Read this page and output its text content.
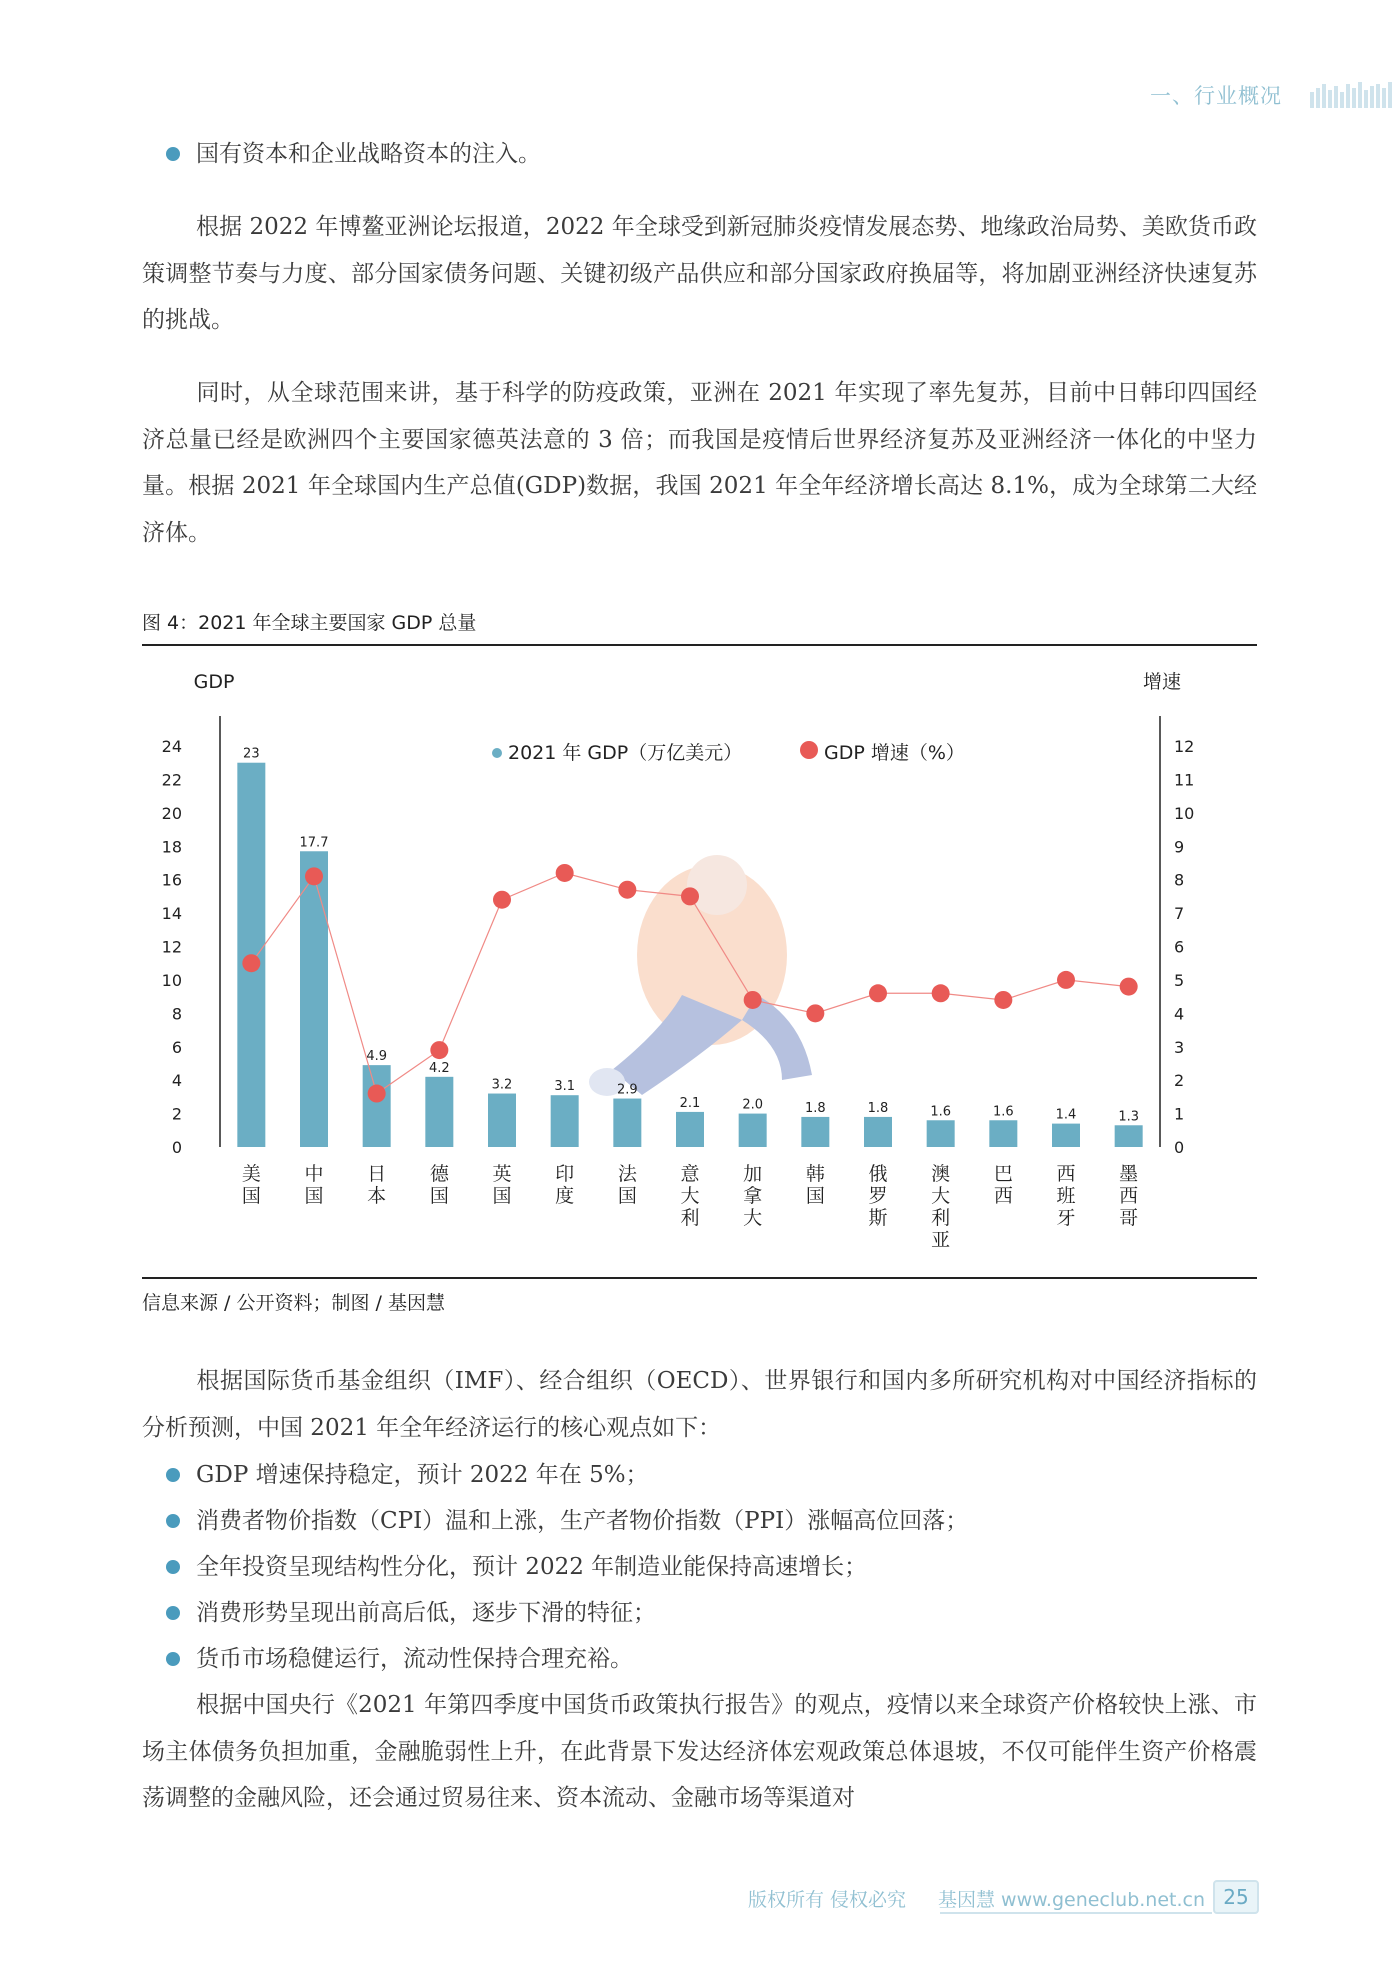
一、行业概况
国有资本和企业战略资本的注入。

根据 2022 年博鳌亚洲论坛报道，2022 年全球受到新冠肺炎疫情发展态势、地缘政治局势、美欧货币政策调整节奏与力度、部分国家债务问题、关键初级产品供应和部分国家政府换届等，将加剧亚洲经济快速复苏的挑战。

同时，从全球范围来讲，基于科学的防疫政策，亚洲在 2021 年实现了率先复苏，目前中日韩印四国经济总量已经是欧洲四个主要国家德英法意的 3 倍；而我国是疫情后世界经济复苏及亚洲经济一体化的中坚力量。根据 2021 年全球国内生产总值(GDP)数据，我国 2021 年全年经济增长高达 8.1%，成为全球第二大经济体。

图 4：2021 年全球主要国家 GDP 总量
GDP	增速
0
2
4
6
8
10
12
14
16
18
20
22
24
0
1
2
3
4
5
6
7
8
9
10
11
12
23
17.7
4.9
4.2
3.2	3.1	2.9
2.1	2.0	1.8	1.8	1.6	1.6	1.4	1.3
美国
中国
日本
德国
英国
印度
法国
意大利
加拿大
韩国
俄罗斯
澳大利亚
巴西
西班牙
墨西哥
2021 年 GDP（万亿美元）	GDP 增速（%）
信息来源 / 公开资料；制图 / 基因慧

根据国际货币基金组织（IMF）、经合组织（OECD）、世界银行和国内多所研究机构对中国经济指标的分析预测，中国 2021 年全年经济运行的核心观点如下：

GDP 增速保持稳定，预计 2022 年在 5%；
消费者物价指数（CPI）温和上涨，生产者物价指数（PPI）涨幅高位回落；
全年投资呈现结构性分化，预计 2022 年制造业能保持高速增长；
消费形势呈现出前高后低，逐步下滑的特征；
货币市场稳健运行，流动性保持合理充裕。

根据中国央行《2021 年第四季度中国货币政策执行报告》的观点，疫情以来全球资产价格较快上涨、市场主体债务负担加重，金融脆弱性上升，在此背景下发达经济体宏观政策总体退坡，不仅可能伴生资产价格震荡调整的金融风险，还会通过贸易往来、资本流动、金融市场等渠道对

版权所有 侵权必究 基因慧 www.geneclub.net.cn 25
